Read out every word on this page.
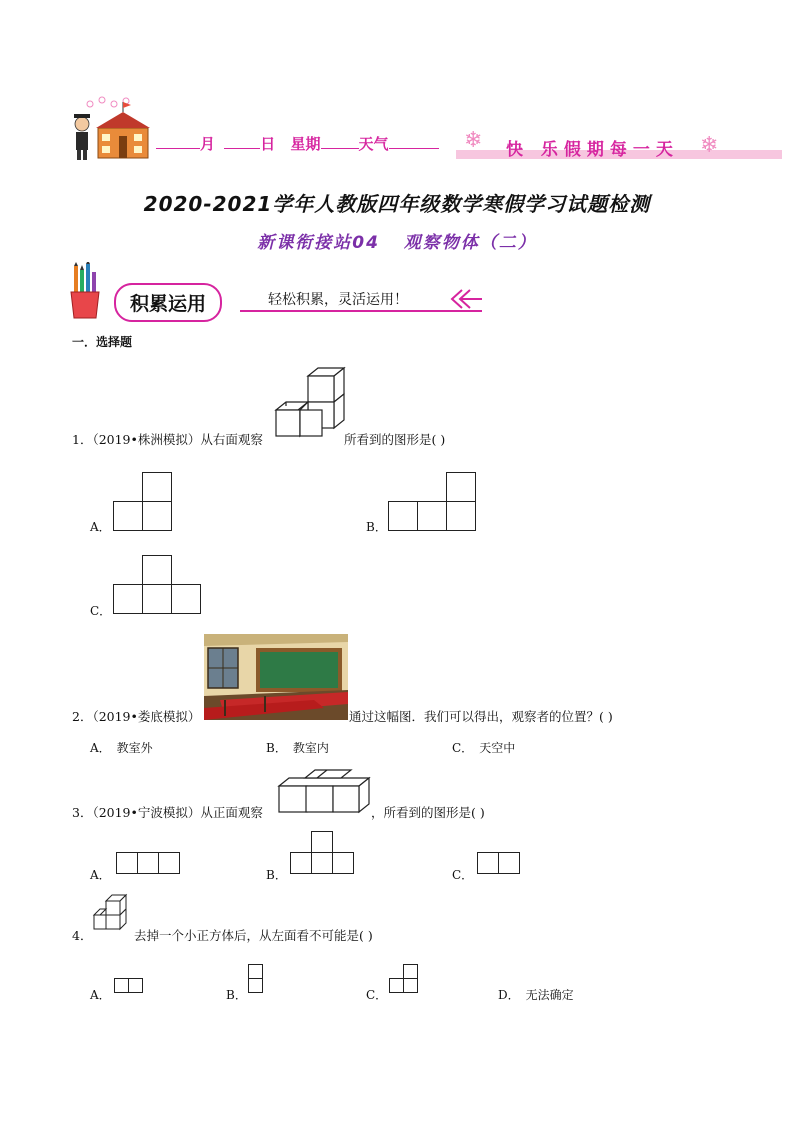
月	日 星期	天气	❄	❄
快 乐假期每一天
2020-2021学年人教版四年级数学寒假学习试题检测
新课衔接站04   观察物体（二）
积累运用	轻松积累，灵活运用！
一．选择题
1．（2019•株洲模拟）从右面观察	所看到的图形是( )
A．	B．
C．
2．（2019•娄底模拟）	通过这幅图．我们可以得出，观察者的位置？( )
A． 教室外	B． 教室内	C． 天空中
3．（2019•宁波模拟）从正面观察	，所看到的图形是( )
A．	B．	C．
4．	去掉一个小正方体后，从左面看不可能是( )
A．	B．	C．	D． 无法确定
